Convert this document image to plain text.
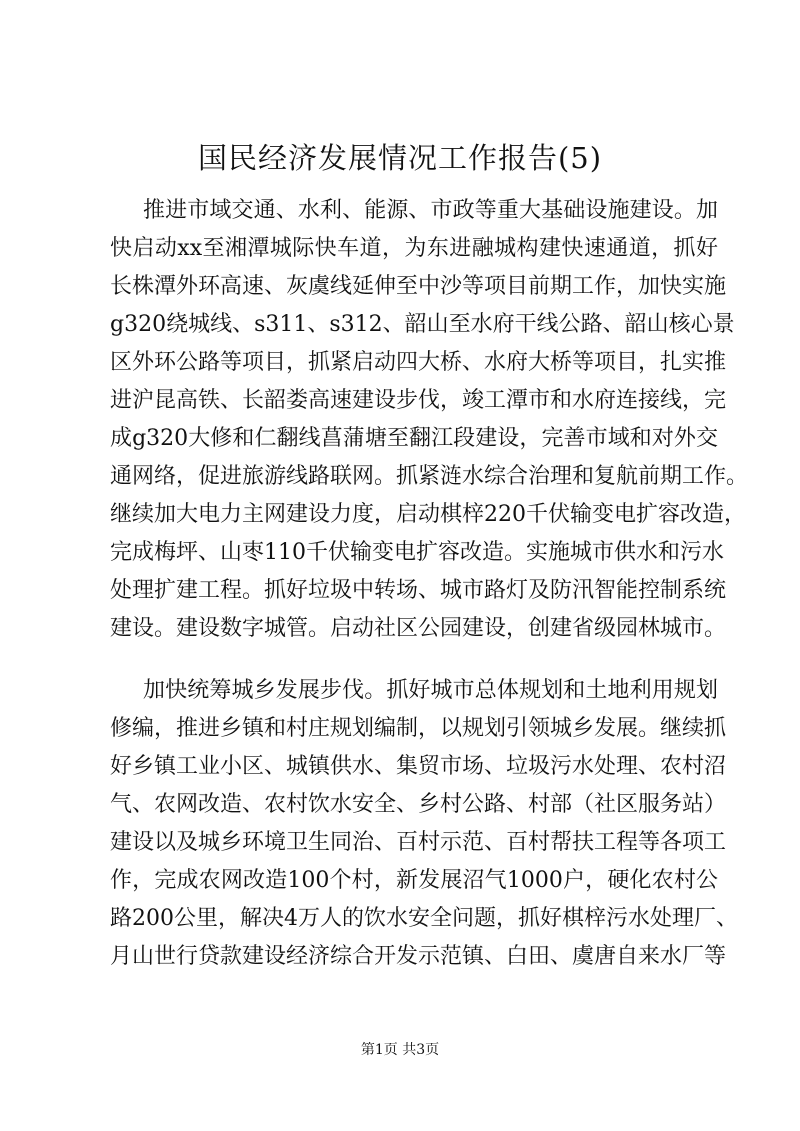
国民经济发展情况工作报告(5)
推进市域交通、水利、能源、市政等重大基础设施建设。加
快启动xx至湘潭城际快车道，为东进融城构建快速通道，抓好
长株潭外环高速、灰虞线延伸至中沙等项目前期工作，加快实施
g320绕城线、s311、s312、韶山至水府干线公路、韶山核心景
区外环公路等项目，抓紧启动四大桥、水府大桥等项目，扎实推
进沪昆高铁、长韶娄高速建设步伐，竣工潭市和水府连接线，完
成g320大修和仁翻线菖蒲塘至翻江段建设，完善市域和对外交
通网络，促进旅游线路联网。抓紧涟水综合治理和复航前期工作。
继续加大电力主网建设力度，启动棋梓220千伏输变电扩容改造，
完成梅坪、山枣110千伏输变电扩容改造。实施城市供水和污水
处理扩建工程。抓好垃圾中转场、城市路灯及防汛智能控制系统
建设。建设数字城管。启动社区公园建设，创建省级园林城市。
加快统筹城乡发展步伐。抓好城市总体规划和土地利用规划
修编，推进乡镇和村庄规划编制，以规划引领城乡发展。继续抓
好乡镇工业小区、城镇供水、集贸市场、垃圾污水处理、农村沼
气、农网改造、农村饮水安全、乡村公路、村部（社区服务站）
建设以及城乡环境卫生同治、百村示范、百村帮扶工程等各项工
作，完成农网改造100个村，新发展沼气1000户，硬化农村公
路200公里，解决4万人的饮水安全问题，抓好棋梓污水处理厂、
月山世行贷款建设经济综合开发示范镇、白田、虞唐自来水厂等
第1页 共3页
